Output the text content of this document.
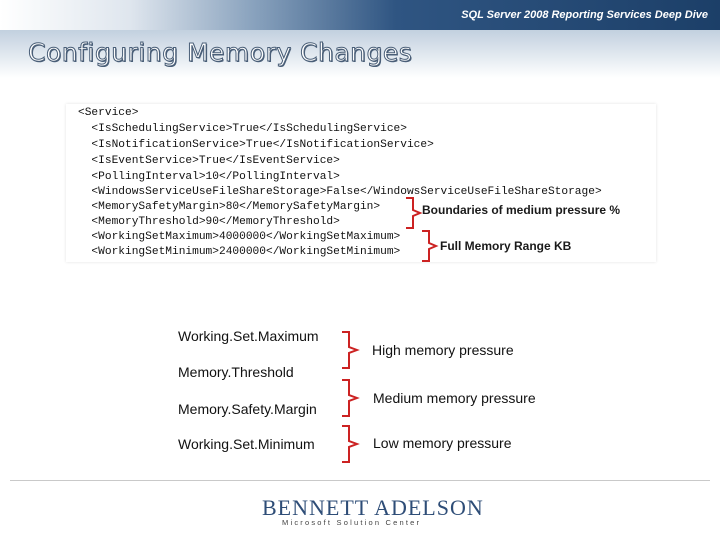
SQL Server 2008 Reporting Services Deep Dive
Configuring Memory Changes
<Service>
<IsSchedulingService>True</IsSchedulingService>
<IsNotificationService>True</IsNotificationService>
<IsEventService>True</IsEventService>
<PollingInterval>10</PollingInterval>
<WindowsServiceUseFileShareStorage>False</WindowsServiceUseFileShareStorage>
<MemorySafetyMargin>80</MemorySafetyMargin>
<MemoryThreshold>90</MemoryThreshold>
<WorkingSetMaximum>4000000</WorkingSetMaximum>
<WorkingSetMinimum>2400000</WorkingSetMinimum>
Boundaries of medium pressure %
Full Memory Range KB
Working.Set.Maximum
Memory.Threshold
Memory.Safety.Margin
Working.Set.Minimum
High memory pressure
Medium memory pressure
Low memory pressure
BENNETT ADELSON
Microsoft Solution Center
